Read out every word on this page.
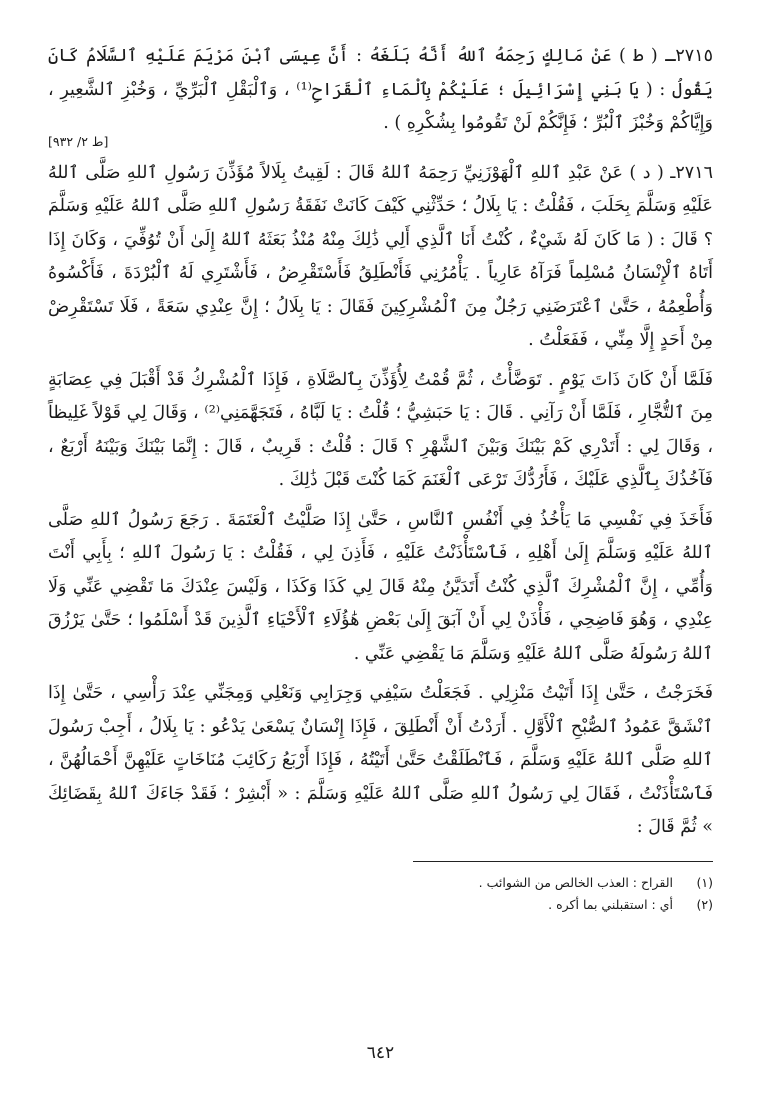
٢٧١٥ـ ( ط ) عَنْ مَالِكٍ رَحِمَهُ ٱللهُ أَنَّهُ بَلَغَهُ : أَنَّ عِيسَى ٱبْنَ مَرْيَمَ عَلَيْهِ ٱلسَّلَامُ كَانَ يَقُولُ : ( يَا بَنِي إِسْرَائِيلَ ؛ عَلَيْكُمْ بِٱلْمَاءِ ٱلْقَرَاحِ⁽¹⁾ ، وَٱلْبَقْلِ ٱلْبَرِّيِّ ، وَخُبْزِ ٱلشَّعِيرِ ، وَإِيَّاكُمْ وَخُبْزَ ٱلْبُرِّ ؛ فَإِنَّكُمْ لَنْ تَقُومُوا بِشُكْرِهِ ) .

[ط ٢/ ٩٣٢]

٢٧١٦ـ ( د ) عَنْ عَبْدِ ٱللهِ ٱلْهَوْزَنِيِّ رَحِمَهُ ٱللهُ قَالَ : لَقِيتُ بِلَالاً مُؤَذِّنَ رَسُولِ ٱللهِ صَلَّى ٱللهُ عَلَيْهِ وَسَلَّمَ بِحَلَبَ ، فَقُلْتُ : يَا بِلَالُ ؛ حَدِّثْنِي كَيْفَ كَانَتْ نَفَقَةُ رَسُولِ ٱللهِ صَلَّى ٱللهُ عَلَيْهِ وَسَلَّمَ ؟ قَالَ : ( مَا كَانَ لَهُ شَيْءٌ ، كُنْتُ أَنَا ٱلَّذِي أَلِي ذَٰلِكَ مِنْهُ مُنْذُ بَعَثَهُ ٱللهُ إِلَىٰ أَنْ تُوُفِّيَ ، وَكَانَ إِذَا أَتَاهُ ٱلْإِنْسَانُ مُسْلِماً فَرَآهُ عَارِياً . يَأْمُرُنِي فَأَنْطَلِقُ فَأَسْتَقْرِضُ ، فَأَشْتَرِي لَهُ ٱلْبُرْدَةَ ، فَأَكْسُوهُ وَأُطْعِمُهُ ، حَتَّىٰ ٱعْتَرَضَنِي رَجُلٌ مِنَ ٱلْمُشْرِكِينَ فَقَالَ : يَا بِلَالُ ؛ إِنَّ عِنْدِي سَعَةً ، فَلَا تَسْتَقْرِضْ مِنْ أَحَدٍ إِلَّا مِنِّي ، فَفَعَلْتُ .

فَلَمَّا أَنْ كَانَ ذَاتَ يَوْمٍ . تَوَضَّأْتُ ، ثُمَّ قُمْتُ لِأُؤَذِّنَ بِٱلصَّلَاةِ ، فَإِذَا ٱلْمُشْرِكُ قَدْ أَقْبَلَ فِي عِصَابَةٍ مِنَ ٱلتُّجَّارِ ، فَلَمَّا أَنْ رَآنِي . قَالَ : يَا حَبَشِيُّ ؛ قُلْتُ : يَا لَبَّاهُ ، فَتَجَهَّمَنِي⁽²⁾ ، وَقَالَ لِي قَوْلاً غَلِيظاً ، وَقَالَ لِي : أَتَدْرِي كَمْ بَيْنَكَ وَبَيْنَ ٱلشَّهْرِ ؟ قَالَ : قُلْتُ : قَرِيبٌ ، قَالَ : إِنَّمَا بَيْنَكَ وَبَيْنَهُ أَرْبَعٌ ، فَآخُذُكَ بِٱلَّذِي عَلَيْكَ ، فَأَرُدُّكَ تَرْعَى ٱلْغَنَمَ كَمَا كُنْتَ قَبْلَ ذَٰلِكَ .

فَأَخَذَ فِي نَفْسِي مَا يَأْخُذُ فِي أَنْفُسِ ٱلنَّاسِ ، حَتَّىٰ إِذَا صَلَّيْتُ ٱلْعَتَمَةَ . رَجَعَ رَسُولُ ٱللهِ صَلَّى ٱللهُ عَلَيْهِ وَسَلَّمَ إِلَىٰ أَهْلِهِ ، فَٱسْتَأْذَنْتُ عَلَيْهِ ، فَأَذِنَ لِي ، فَقُلْتُ : يَا رَسُولَ ٱللهِ ؛ بِأَبِي أَنْتَ وَأُمِّي ، إِنَّ ٱلْمُشْرِكَ ٱلَّذِي كُنْتُ أَتَدَيَّنُ مِنْهُ قَالَ لِي كَذَا وَكَذَا ، وَلَيْسَ عِنْدَكَ مَا تَقْضِي عَنِّي وَلَا عِنْدِي ، وَهُوَ فَاضِحِي ، فَأْذَنْ لِي أَنْ آبَقَ إِلَىٰ بَعْضِ هَٰؤُلَاءِ ٱلْأَحْيَاءِ ٱلَّذِينَ قَدْ أَسْلَمُوا ؛ حَتَّىٰ يَرْزُقَ ٱللهُ رَسُولَهُ صَلَّى ٱللهُ عَلَيْهِ وَسَلَّمَ مَا يَقْضِي عَنِّي .

فَخَرَجْتُ ، حَتَّىٰ إِذَا أَتَيْتُ مَنْزِلِي . فَجَعَلْتُ سَيْفِي وَجِرَابِي وَنَعْلِي وَمِجَنِّي عِنْدَ رَأْسِي ، حَتَّىٰ إِذَا ٱنْشَقَّ عَمُودُ ٱلصُّبْحِ ٱلْأَوَّلِ . أَرَدْتُ أَنْ أَنْطَلِقَ ، فَإِذَا إِنْسَانٌ يَسْعَىٰ يَدْعُو : يَا بِلَالُ ، أَجِبْ رَسُولَ ٱللهِ صَلَّى ٱللهُ عَلَيْهِ وَسَلَّمَ ، فَٱنْطَلَقْتُ حَتَّىٰ أَتَيْتُهُ ، فَإِذَا أَرْبَعُ رَكَائِبَ مُنَاخَاتٍ عَلَيْهِنَّ أَحْمَالُهُنَّ ، فَٱسْتَأْذَنْتُ ، فَقَالَ لِي رَسُولُ ٱللهِ صَلَّى ٱللهُ عَلَيْهِ وَسَلَّمَ : « أَبْشِرْ ؛ فَقَدْ جَاءَكَ ٱللهُ بِقَضَائِكَ » ثُمَّ قَالَ :

(١)
القراح : العذب الخالص من الشوائب .
(٢)
أي : استقبلني بما أكره .
٦٤٢
